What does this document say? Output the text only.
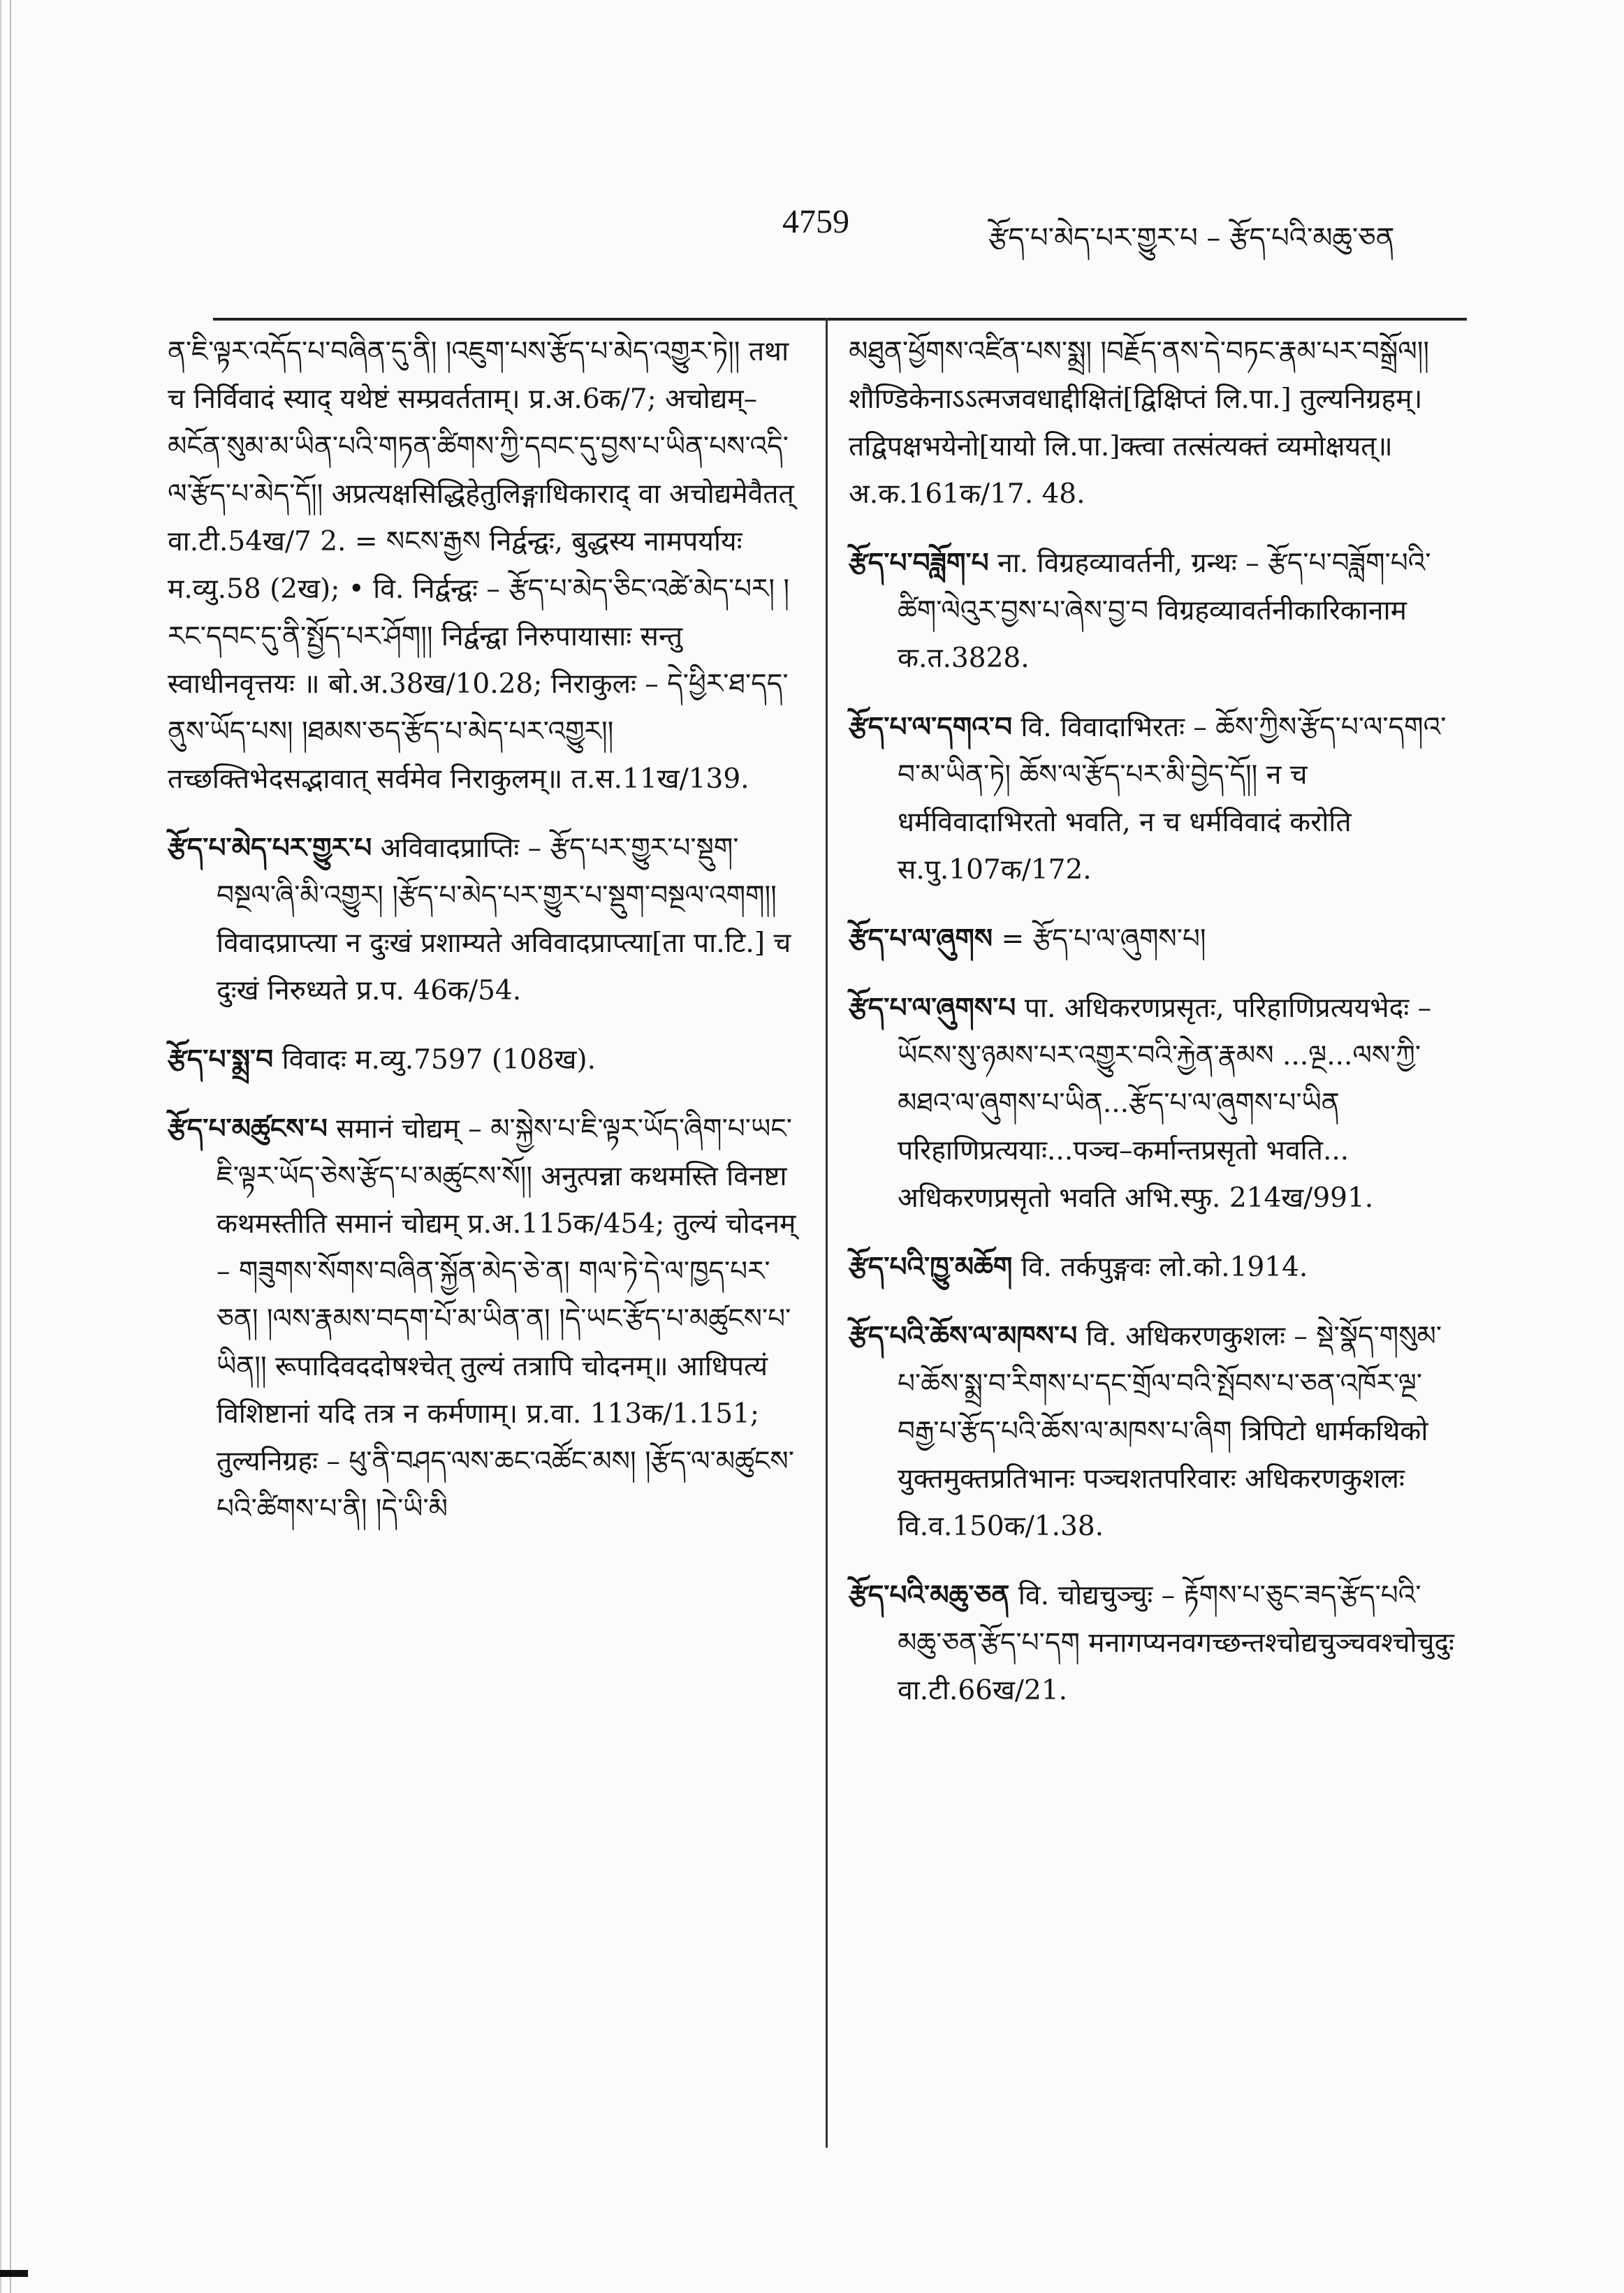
4759	རྩོད་པ་མེད་པར་གྱུར་པ – རྩོད་པའི་མཆུ་ཅན
ན་ཇི་ལྟར་འདོད་པ་བཞིན་དུ་ནི། །འཇུག་པས་རྩོད་པ་མེད་འགྱུར་ཏེ།། तथा च निर्विवादं स्याद् यथेष्टं सम्प्रवर्तताम्। प्र.अ.6क/7; अचोद्यम्– མངོན་སུམ་མ་ཡིན་པའི་གཏན་ཚིགས་ཀྱི་དབང་དུ་བྱས་པ་ཡིན་པས་འདི་ལ་རྩོད་པ་མེད་དོ།། अप्रत्यक्षसिद्धिहेतुलिङ्गाधिकाराद् वा अचोद्यमेवैतत् वा.टी.54ख/7 2. = སངས་རྒྱས निर्द्वन्द्वः, बुद्धस्य नामपर्यायः म.व्यु.58 (2ख); • वि. निर्द्वन्द्वः – རྩོད་པ་མེད་ཅིང་འཚེ་མེད་པར། །རང་དབང་དུ་ནི་སྤྱོད་པར་ཤོག།། निर्द्वन्द्वा निरुपायासाः सन्तु स्वाधीनवृत्तयः ॥ बो.अ.38ख/10.28; निराकुलः – དེ་ཕྱིར་ཐ་དད་ནུས་ཡོད་པས། །ཐམས་ཅད་རྩོད་པ་མེད་པར་འགྱུར།། तच्छक्तिभेदसद्भावात् सर्वमेव निराकुलम्॥ त.स.11ख/139.
རྩོད་པ་མེད་པར་གྱུར་པ अविवादप्राप्तिः – རྩོད་པར་གྱུར་པ་སྡུག་བསྔལ་ཞི་མི་འགྱུར། །རྩོད་པ་མེད་པར་གྱུར་པ་སྡུག་བསྔལ་འགག།། विवादप्राप्त्या न दुःखं प्रशाम्यते अविवादप्राप्त्या[ता पा.टि.] च दुःखं निरुध्यते प्र.प. 46क/54.
རྩོད་པ་སྨྲ་བ विवादः म.व्यु.7597 (108ख).
རྩོད་པ་མཚུངས་པ समानं चोद्यम् – མ་སྐྱེས་པ་ཇི་ལྟར་ཡོད་ཞིག་པ་ཡང་ཇི་ལྟར་ཡོད་ཅེས་རྩོད་པ་མཚུངས་སོ།། अनुत्पन्ना कथमस्ति विनष्टा कथमस्तीति समानं चोद्यम् प्र.अ.115क/454; तुल्यं चोदनम् – གཟུགས་སོགས་བཞིན་སྐྱོན་མེད་ཅེ་ན། གལ་ཏེ་དེ་ལ་ཁྱད་པར་ཅན། །ལས་རྣམས་བདག་པོ་མ་ཡིན་ན། །དེ་ཡང་རྩོད་པ་མཚུངས་པ་ཡིན།། रूपादिवददोषश्चेत् तुल्यं तत्रापि चोदनम्॥ आधिपत्यं विशिष्टानां यदि तत्र न कर्मणाम्। प्र.वा. 113क/1.151; तुल्यनिग्रहः – ཕུ་ནི་བཤད་ལས་ཆང་འཚོང་མས། །རྩོད་ལ་མཚུངས་པའི་ཚིགས་པ་ནི། །དེ་ཡི་མི
མཐུན་ཕྱོགས་འཛིན་པས་སྨྲ། །བརྗོད་ནས་དེ་བཏང་རྣམ་པར་བསྒྲོལ།། शौण्डिकेनाऽऽत्मजवधाद्दीक्षितं[द्विक्षिप्तं लि.पा.] तुल्यनिग्रहम्। तद्विपक्षभयेनो[यायो लि.पा.]क्त्वा तत्संत्यक्तं व्यमोक्षयत्॥ अ.क.161क/17. 48.
རྩོད་པ་བཟློག་པ ना. विग्रहव्यावर्तनी, ग्रन्थः – རྩོད་པ་བཟློག་པའི་ཚིག་ལེའུར་བྱས་པ་ཞེས་བྱ་བ विग्रहव्यावर्तनीकारिकानाम क.त.3828.
རྩོད་པ་ལ་དགའ་བ वि. विवादाभिरतः – ཆོས་ཀྱིས་རྩོད་པ་ལ་དགའ་བ་མ་ཡིན་ཏེ། ཆོས་ལ་རྩོད་པར་མི་བྱེད་དོ།། न च धर्मविवादाभिरतो भवति, न च धर्मविवादं करोति स.पु.107क/172.
རྩོད་པ་ལ་ཞུགས = རྩོད་པ་ལ་ཞུགས་པ།
རྩོད་པ་ལ་ཞུགས་པ पा. अधिकरणप्रसृतः, परिहाणिप्रत्ययभेदः – ཡོངས་སུ་ཉམས་པར་འགྱུར་བའི་རྐྱེན་རྣམས ...ལྔ...ལས་ཀྱི་མཐའ་ལ་ཞུགས་པ་ཡིན...རྩོད་པ་ལ་ཞུགས་པ་ཡིན परिहाणिप्रत्ययाः...पञ्च–कर्मान्तप्रसृतो भवति... अधिकरणप्रसृतो भवति अभि.स्फु. 214ख/991.
རྩོད་པའི་ཁྱུ་མཆོག वि. तर्कपुङ्गवः लो.को.1914.
རྩོད་པའི་ཆོས་ལ་མཁས་པ वि. अधिकरणकुशलः – སྡེ་སྣོད་གསུམ་པ་ཆོས་སྨྲ་བ་རིགས་པ་དང་གྲོལ་བའི་སྤོབས་པ་ཅན་འཁོར་ལྔ་བརྒྱ་པ་རྩོད་པའི་ཆོས་ལ་མཁས་པ་ཞིག त्रिपिटो धार्मकथिको युक्तमुक्तप्रतिभानः पञ्चशतपरिवारः अधिकरणकुशलः वि.व.150क/1.38.
རྩོད་པའི་མཆུ་ཅན वि. चोद्यचुञ्चुः – རྟོགས་པ་ཅུང་ཟད་རྩོད་པའི་མཆུ་ཅན་རྩོད་པ་དག मनागप्यनवगच्छन्तश्चोद्यचुञ्चवश्चोचुदुः वा.टी.66ख/21.
